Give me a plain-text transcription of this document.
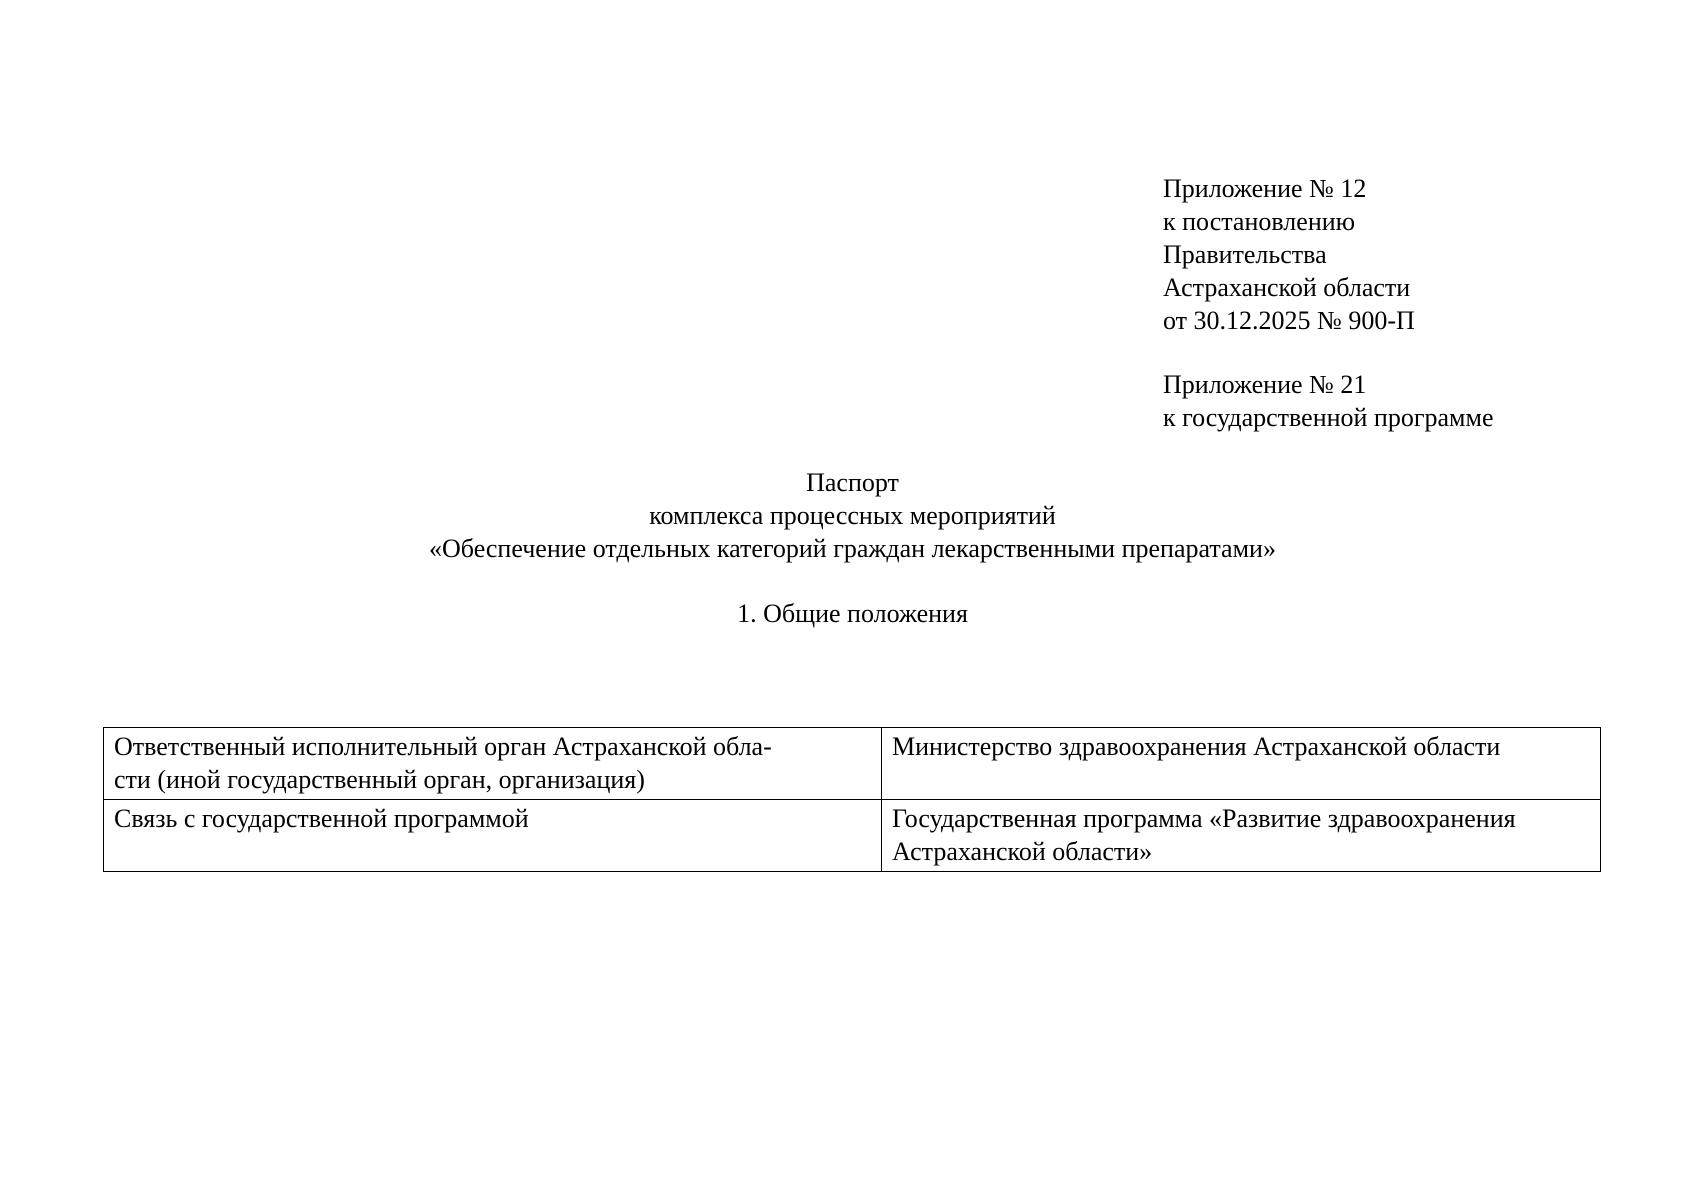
Приложение № 12
к постановлению
Правительства
Астраханской области
от 30.12.2025 № 900-П
Приложение № 21
к государственной программе
Паспорт
комплекса процессных мероприятий
«Обеспечение отдельных категорий граждан лекарственными препаратами»
1. Общие положения
Ответственный исполнительный орган Астраханской обла-
сти (иной государственный орган, организация)	Министерство здравоохранения Астраханской области

Связь с государственной программой	Государственная программа «Развитие здравоохранения
Астраханской области»
